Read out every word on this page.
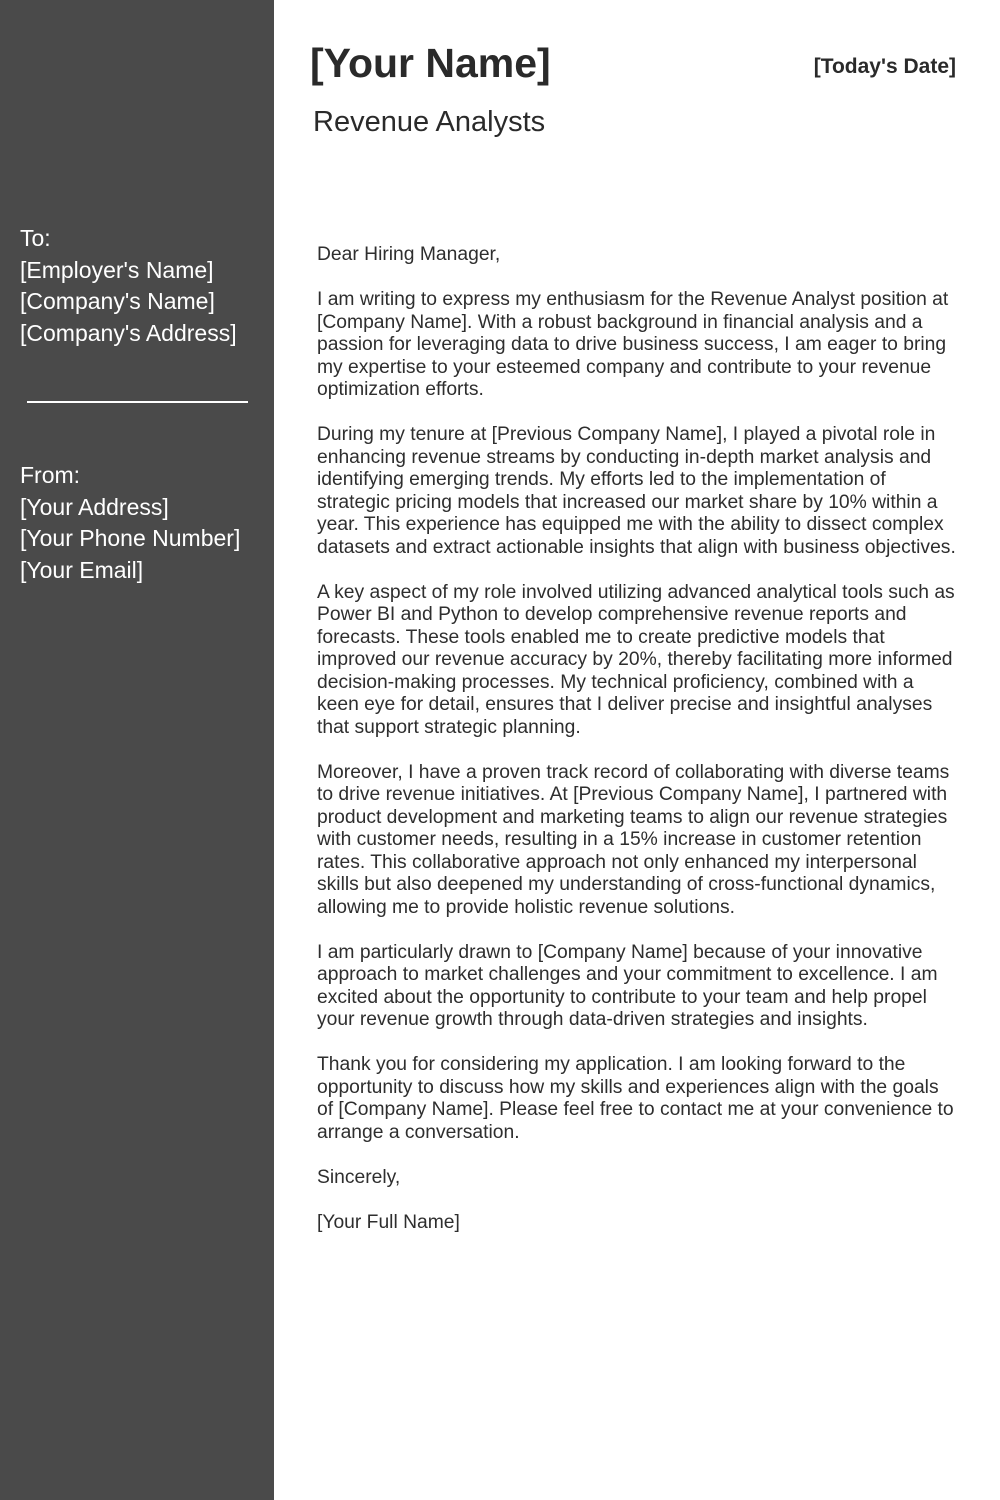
To:
[Employer's Name]
[Company's Name]
[Company's Address]
From:
[Your Address]
[Your Phone Number]
[Your Email]
[Your Name]	[Today's Date]
Revenue Analysts

Dear Hiring Manager,

I am writing to express my enthusiasm for the Revenue Analyst position at [Company Name]. With a robust background in financial analysis and a passion for leveraging data to drive business success, I am eager to bring my expertise to your esteemed company and contribute to your revenue optimization efforts.

During my tenure at [Previous Company Name], I played a pivotal role in enhancing revenue streams by conducting in-depth market analysis and identifying emerging trends. My efforts led to the implementation of strategic pricing models that increased our market share by 10% within a year. This experience has equipped me with the ability to dissect complex datasets and extract actionable insights that align with business objectives.

A key aspect of my role involved utilizing advanced analytical tools such as Power BI and Python to develop comprehensive revenue reports and forecasts. These tools enabled me to create predictive models that improved our revenue accuracy by 20%, thereby facilitating more informed decision-making processes. My technical proficiency, combined with a keen eye for detail, ensures that I deliver precise and insightful analyses that support strategic planning.

Moreover, I have a proven track record of collaborating with diverse teams to drive revenue initiatives. At [Previous Company Name], I partnered with product development and marketing teams to align our revenue strategies with customer needs, resulting in a 15% increase in customer retention rates. This collaborative approach not only enhanced my interpersonal skills but also deepened my understanding of cross-functional dynamics, allowing me to provide holistic revenue solutions.

I am particularly drawn to [Company Name] because of your innovative approach to market challenges and your commitment to excellence. I am excited about the opportunity to contribute to your team and help propel your revenue growth through data-driven strategies and insights.

Thank you for considering my application. I am looking forward to the opportunity to discuss how my skills and experiences align with the goals of [Company Name]. Please feel free to contact me at your convenience to arrange a conversation.

Sincerely,

[Your Full Name]
